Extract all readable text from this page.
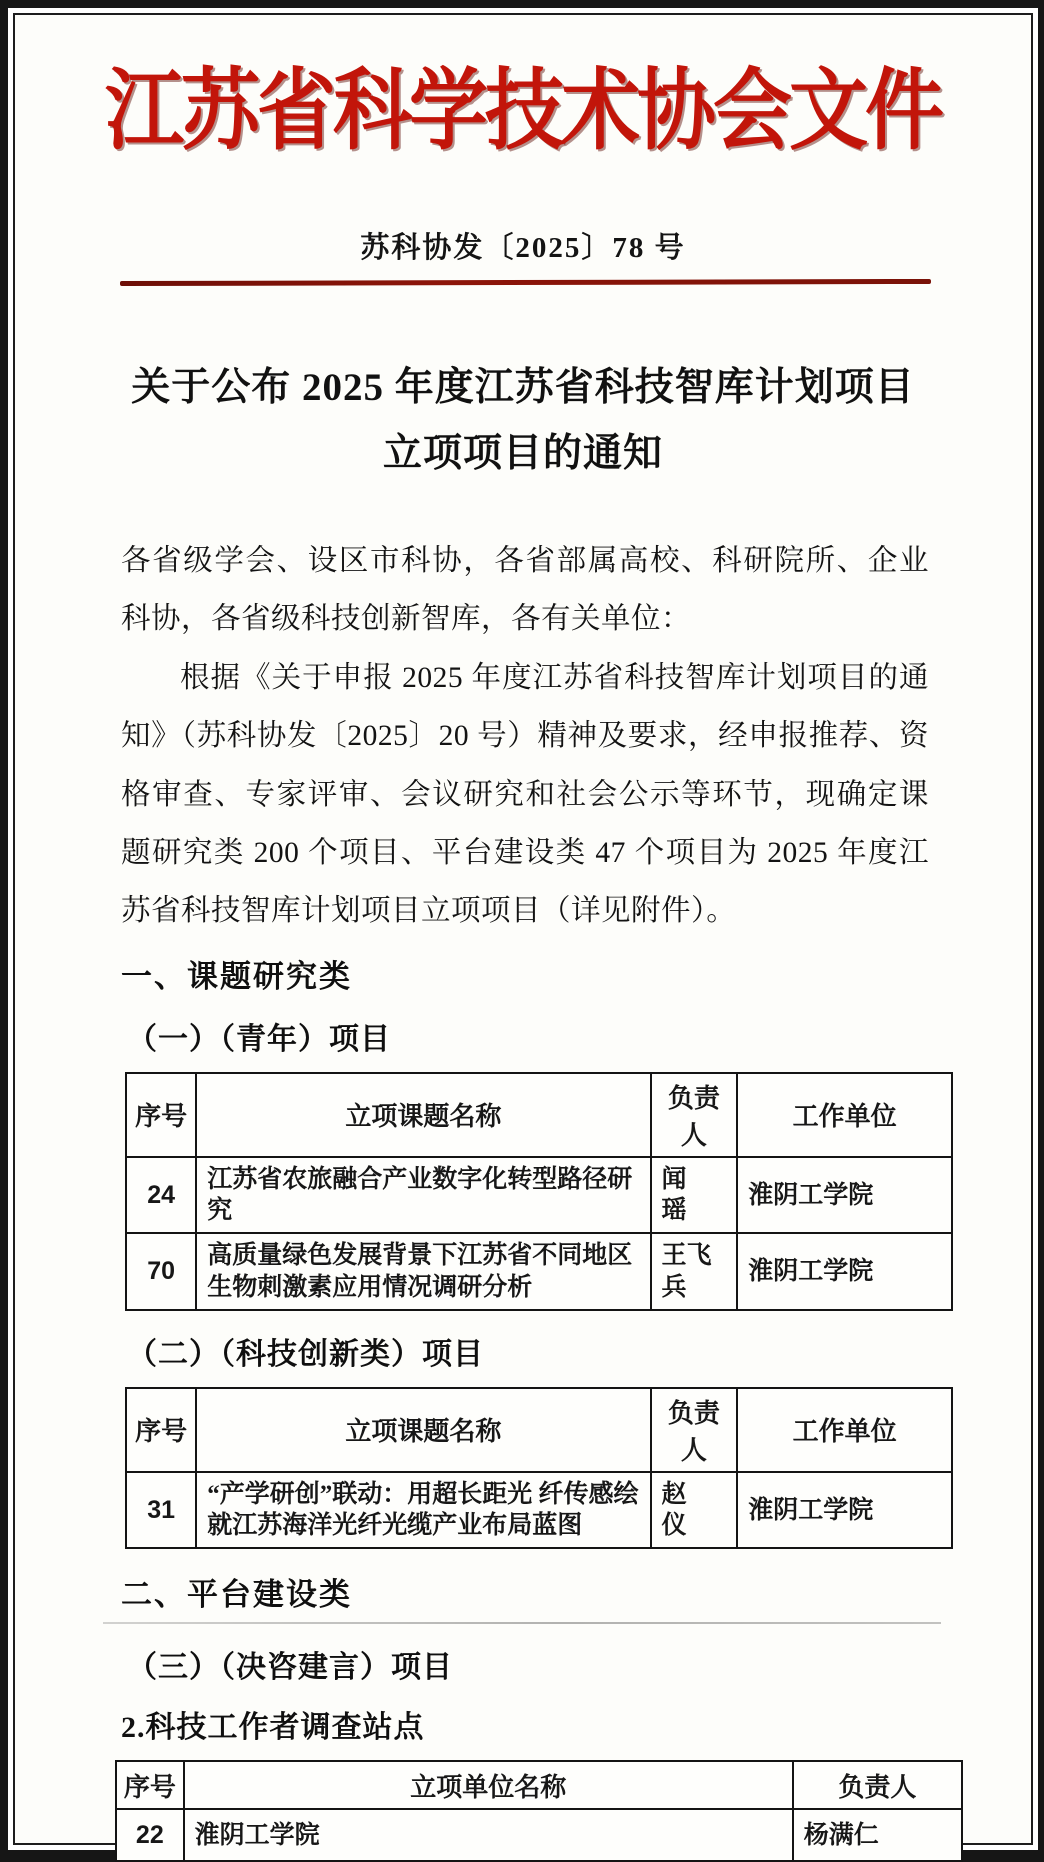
江苏省科学技术协会文件
苏科协发〔2025〕78 号
关于公布 2025 年度江苏省科技智库计划项目
立项项目的通知

各省级学会、设区市科协，各省部属高校、科研院所、企业科协，各省级科技创新智库，各有关单位：

根据《关于申报 2025 年度江苏省科技智库计划项目的通知》（苏科协发〔2025〕20 号）精神及要求，经申报推荐、资格审查、专家评审、会议研究和社会公示等环节，现确定课题研究类 200 个项目、平台建设类 47 个项目为 2025 年度江苏省科技智库计划项目立项项目（详见附件）。

一、课题研究类
（一）（青年）项目
序号	立项课题名称	负责人	工作单位
24	江苏省农旅融合产业数字化转型路径研究	闻　瑶	淮阴工学院
70	高质量绿色发展背景下江苏省不同地区生物刺激素应用情况调研分析	王飞兵	淮阴工学院
（二）（科技创新类）项目
序号	立项课题名称	负责人	工作单位
31	“产学研创”联动：用超长距光 纤传感绘就江苏海洋光纤光缆产业布局蓝图	赵　仪	淮阴工学院
二、平台建设类
（三）（决咨建言）项目
2.科技工作者调查站点
序号	立项单位名称	负责人
22	淮阴工学院	杨满仁
